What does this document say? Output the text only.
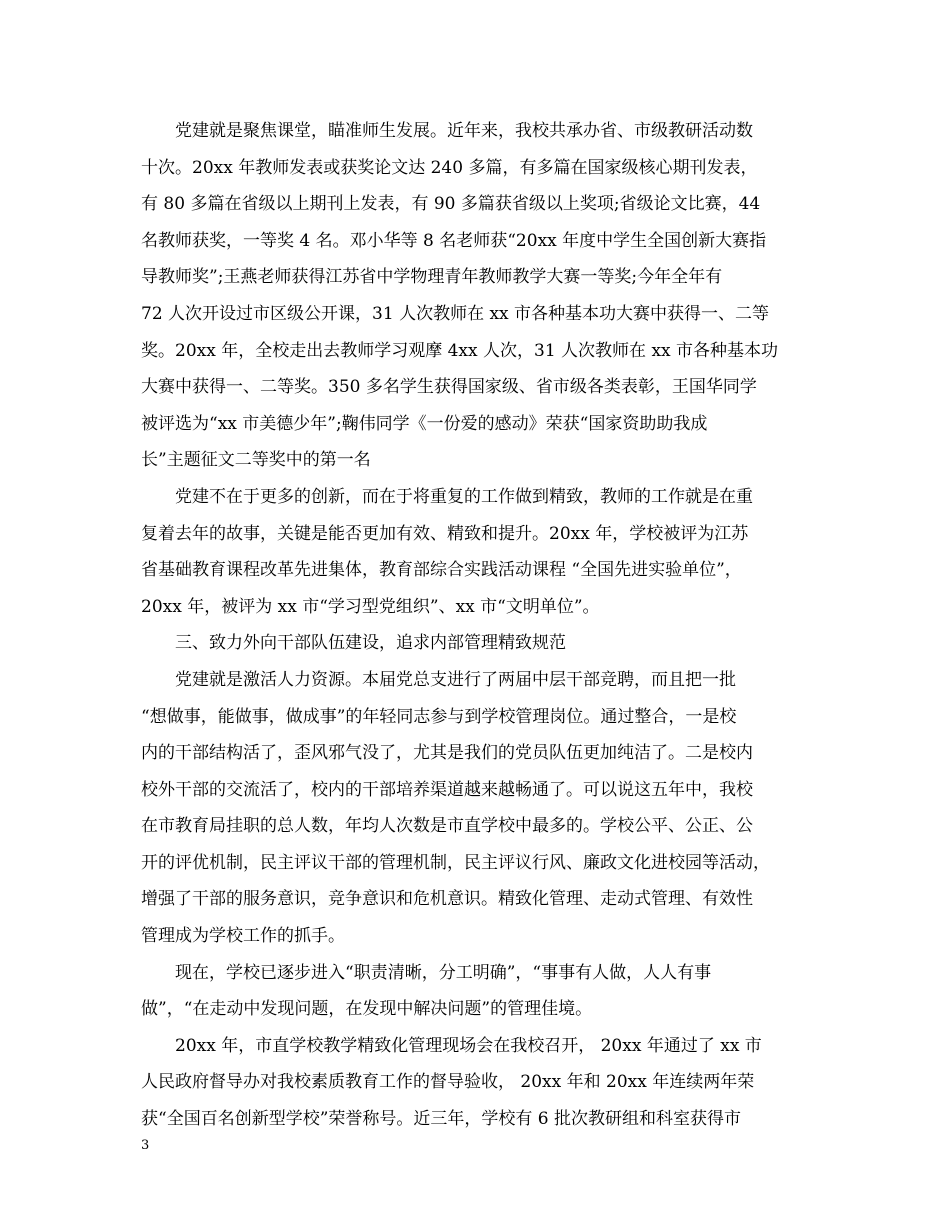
党建就是聚焦课堂，瞄准师生发展。近年来，我校共承办省、市级教研活动数
十次。20xx 年教师发表或获奖论文达 240 多篇，有多篇在国家级核心期刊发表，
有 80 多篇在省级以上期刊上发表，有 90 多篇获省级以上奖项;省级论文比赛，44
名教师获奖，一等奖 4 名。邓小华等 8 名老师获“20xx 年度中学生全国创新大赛指
导教师奖”;王燕老师获得江苏省中学物理青年教师教学大赛一等奖;今年全年有
72 人次开设过市区级公开课，31 人次教师在 xx 市各种基本功大赛中获得一、二等
奖。20xx 年，全校走出去教师学习观摩 4xx 人次，31 人次教师在 xx 市各种基本功
大赛中获得一、二等奖。350 多名学生获得国家级、省市级各类表彰，王国华同学
被评选为“xx 市美德少年”;鞠伟同学《一份爱的感动》荣获“国家资助助我成
长”主题征文二等奖中的第一名
党建不在于更多的创新，而在于将重复的工作做到精致，教师的工作就是在重
复着去年的故事，关键是能否更加有效、精致和提升。20xx 年，学校被评为江苏
省基础教育课程改革先进集体，教育部综合实践活动课程 “全国先进实验单位”，
20xx 年，被评为 xx 市“学习型党组织”、xx 市“文明单位”。
三、致力外向干部队伍建设，追求内部管理精致规范
党建就是激活人力资源。本届党总支进行了两届中层干部竞聘，而且把一批
“想做事，能做事，做成事”的年轻同志参与到学校管理岗位。通过整合，一是校
内的干部结构活了，歪风邪气没了，尤其是我们的党员队伍更加纯洁了。二是校内
校外干部的交流活了，校内的干部培养渠道越来越畅通了。可以说这五年中，我校
在市教育局挂职的总人数，年均人次数是市直学校中最多的。学校公平、公正、公
开的评优机制，民主评议干部的管理机制，民主评议行风、廉政文化进校园等活动，
增强了干部的服务意识，竞争意识和危机意识。精致化管理、走动式管理、有效性
管理成为学校工作的抓手。
现在，学校已逐步进入“职责清晰，分工明确”，“事事有人做，人人有事
做”，“在走动中发现问题，在发现中解决问题”的管理佳境。
20xx 年，市直学校教学精致化管理现场会在我校召开， 20xx 年通过了 xx 市
人民政府督导办对我校素质教育工作的督导验收， 20xx 年和 20xx 年连续两年荣
获“全国百名创新型学校”荣誉称号。近三年，学校有 6 批次教研组和科室获得市
3
